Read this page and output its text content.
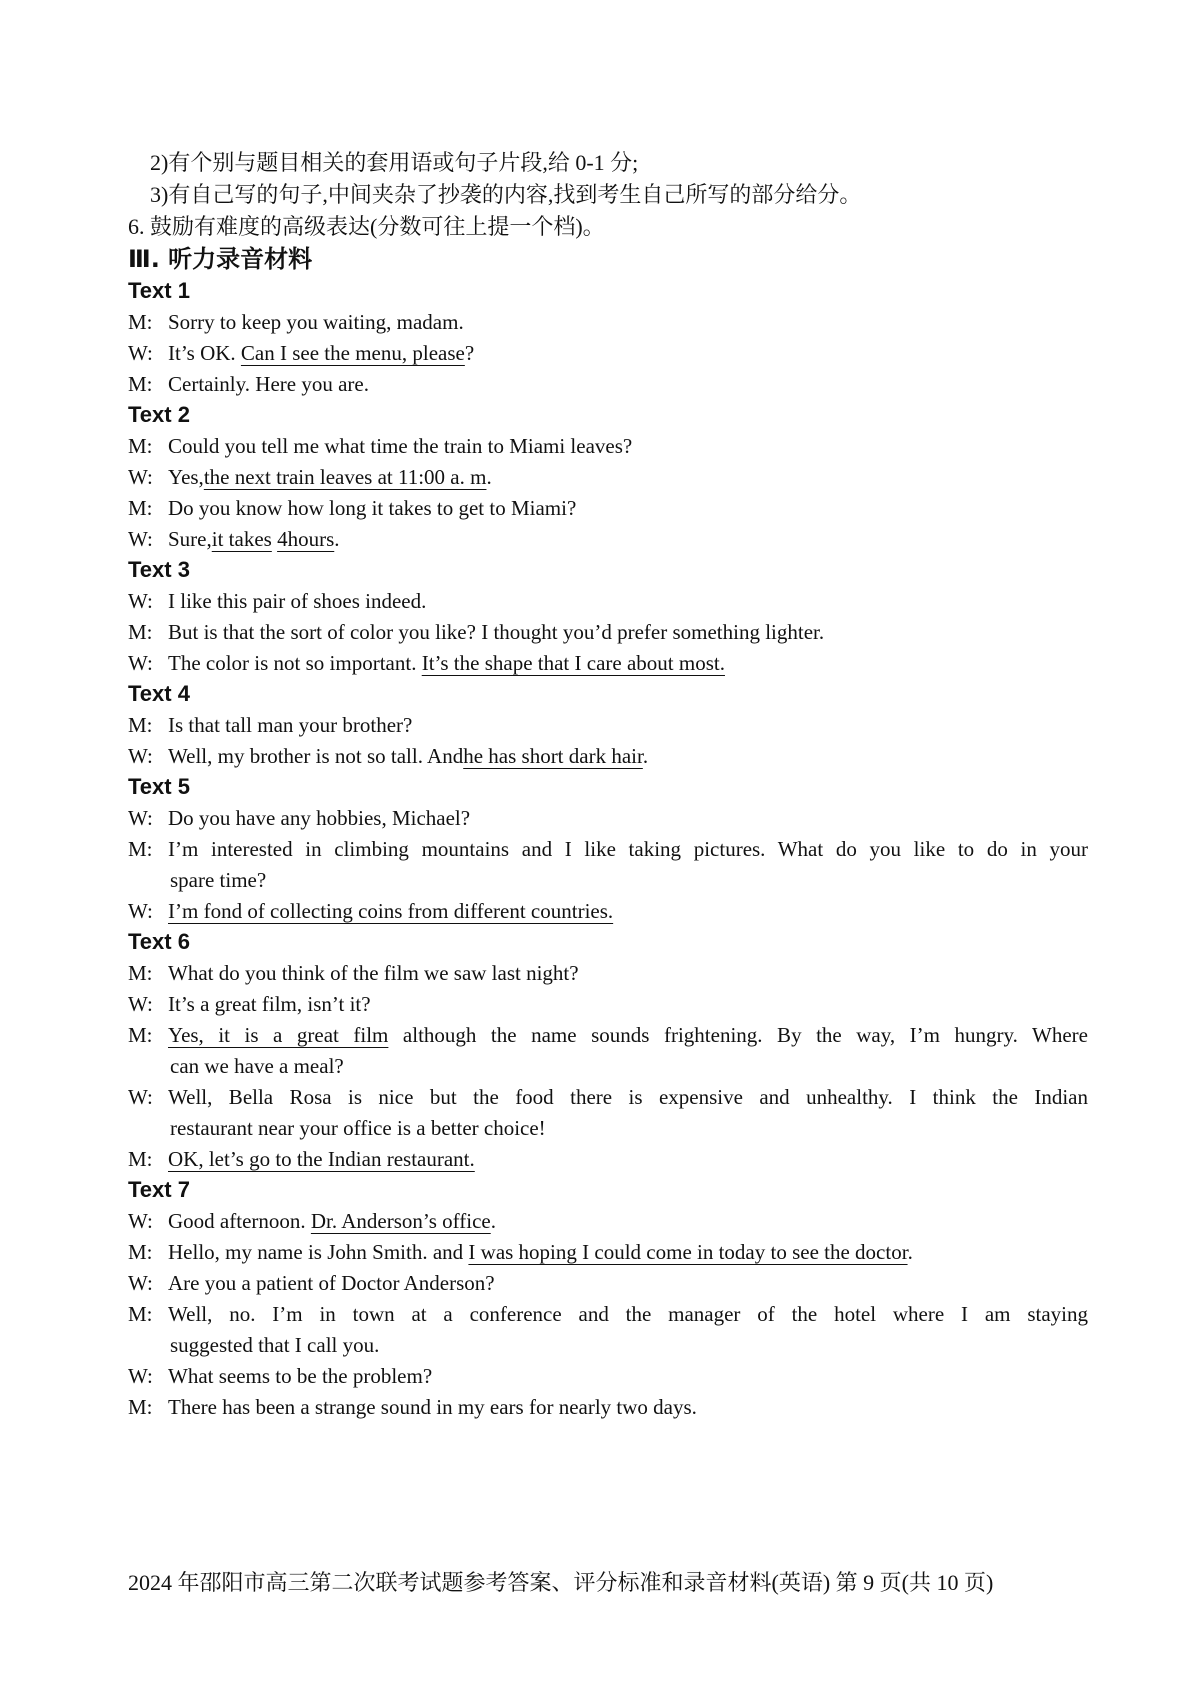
2)有个别与题目相关的套用语或句子片段,给 0-1 分;
3)有自己写的句子,中间夹杂了抄袭的内容,找到考生自己所写的部分给分。
6. 鼓励有难度的高级表达(分数可往上提一个档)。
Ⅲ. 听力录音材料
Text 1
M: Sorry to keep you waiting, madam.
W: It’s OK. Can I see the menu, please?
M: Certainly. Here you are.
Text 2
M: Could you tell me what time the train to Miami leaves?
W: Yes,the next train leaves at 11:00 a. m.
M: Do you know how long it takes to get to Miami?
W: Sure,it takes 4hours.
Text 3
W: I like this pair of shoes indeed.
M: But is that the sort of color you like? I thought you’d prefer something lighter.
W: The color is not so important. It’s the shape that I care about most.
Text 4
M: Is that tall man your brother?
W: Well, my brother is not so tall. Andhe has short dark hair.
Text 5
W: Do you have any hobbies, Michael?
M: I’m interested in climbing mountains and I like taking pictures. What do you like to do in your
spare time?
W: I’m fond of collecting coins from different countries.
Text 6
M: What do you think of the film we saw last night?
W: It’s a great film, isn’t it?
M: Yes, it is a great film although the name sounds frightening. By the way, I’m hungry. Where
can we have a meal?
W: Well, Bella Rosa is nice but the food there is expensive and unhealthy. I think the Indian
restaurant near your office is a better choice!
M: OK, let’s go to the Indian restaurant.
Text 7
W: Good afternoon. Dr. Anderson’s office.
M: Hello, my name is John Smith. and I was hoping I could come in today to see the doctor.
W: Are you a patient of Doctor Anderson?
M: Well, no. I’m in town at a conference and the manager of the hotel where I am staying
suggested that I call you.
W: What seems to be the problem?
M: There has been a strange sound in my ears for nearly two days.
2024 年邵阳市高三第二次联考试题参考答案、评分标准和录音材料(英语) 第 9 页(共 10 页)
